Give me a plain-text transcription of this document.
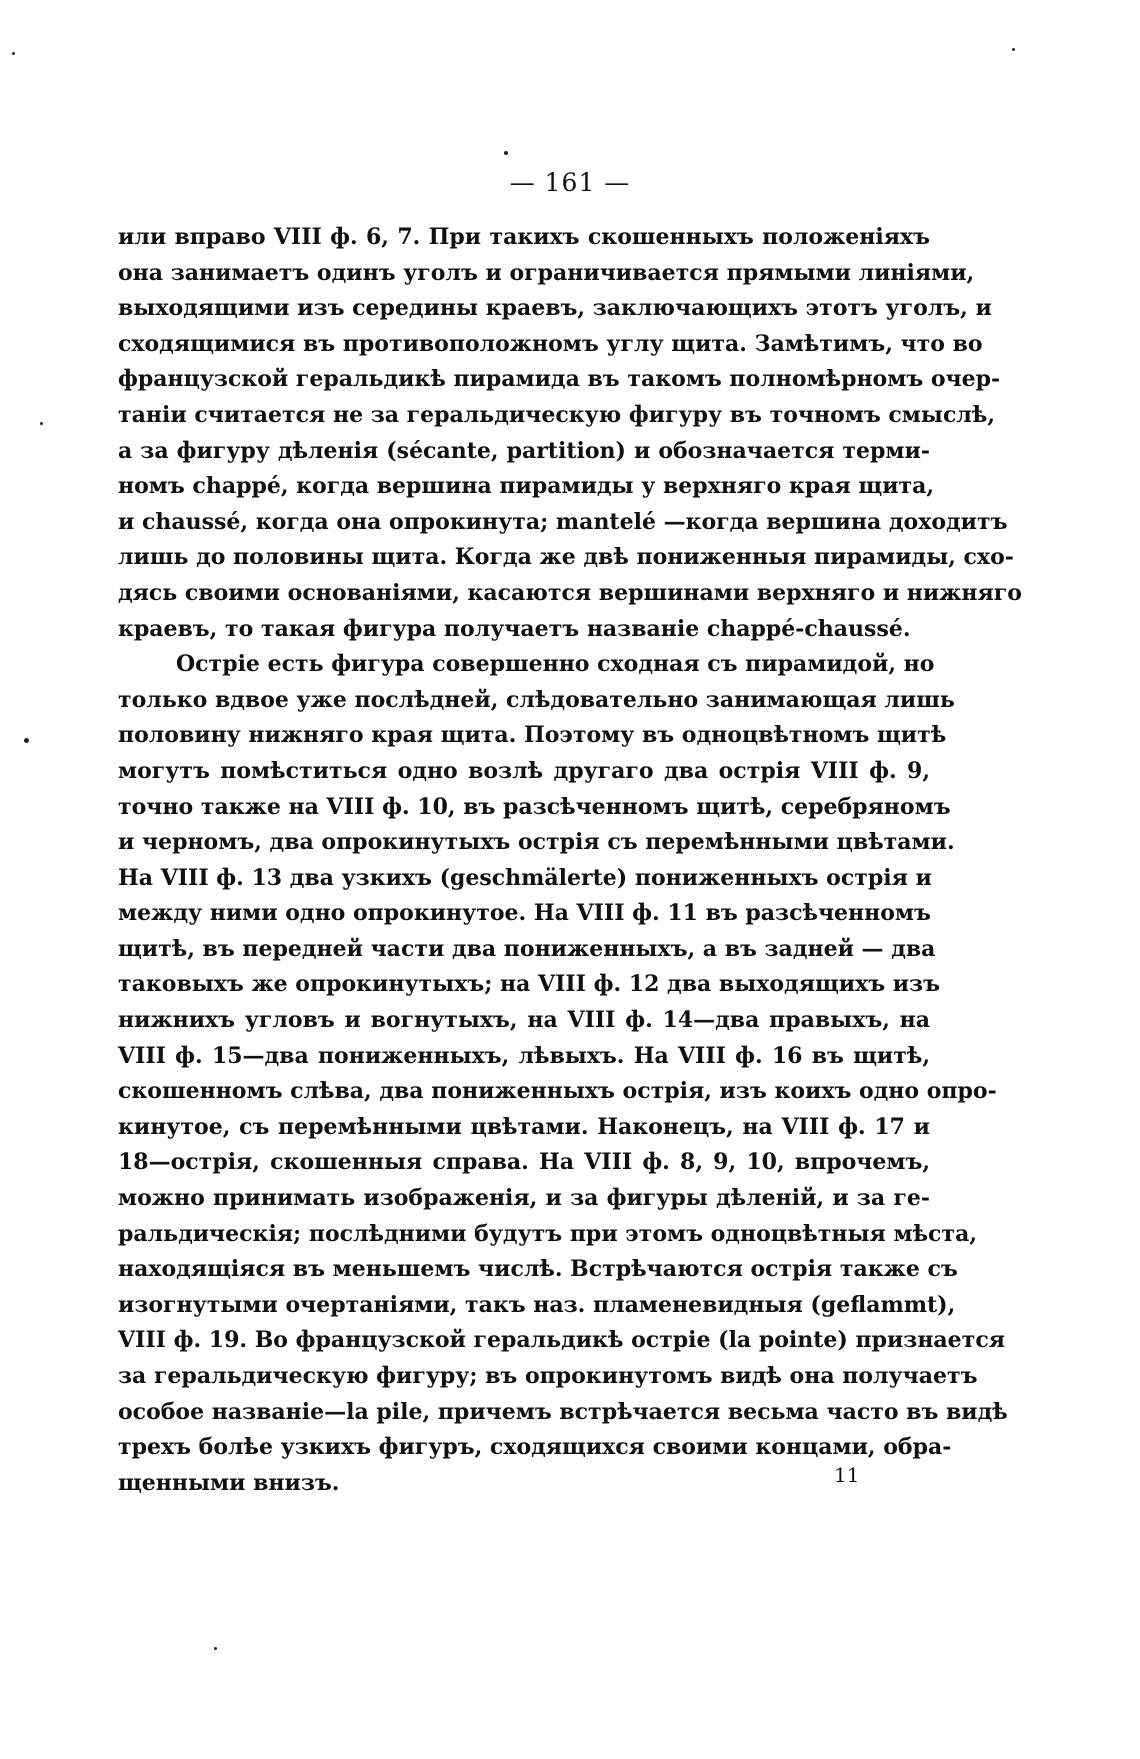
— 161 —
или вправо VIII ф. 6, 7. При такихъ скошенныхъ положеніяхъ
она занимаетъ одинъ уголъ и ограничивается прямыми линіями,
выходящими изъ середины краевъ, заключающихъ этотъ уголъ, и
сходящимися въ противоположномъ углу щита. Замѣтимъ, что во
французской геральдикѣ пирамида въ такомъ полномѣрномъ очер-
таніи считается не за геральдическую фигуру въ точномъ смыслѣ,
а за фигуру дѣленія (sécante, partition) и обозначается терми-
номъ chappé, когда вершина пирамиды у верхняго края щита,
и chaussé, когда она опрокинута; mantelé —когда вершина доходитъ
лишь до половины щита. Когда же двѣ пониженныя пирамиды, схо-
дясь своими основаніями, касаются вершинами верхняго и нижняго
краевъ, то такая фигура получаетъ названіе chappé-chaussé.
Остріе есть фигура совершенно сходная съ пирамидой, но
только вдвое уже послѣдней, слѣдовательно занимающая лишь
половину нижняго края щита. Поэтому въ одноцвѣтномъ щитѣ
могутъ помѣститься одно возлѣ другаго два острія VIII ф. 9,
точно также на VIII ф. 10, въ разсѣченномъ щитѣ, серебряномъ
и черномъ, два опрокинутыхъ острія съ перемѣнными цвѣтами.
На VIII ф. 13 два узкихъ (geschmälerte) пониженныхъ острія и
между ними одно опрокинутое. На VIII ф. 11 въ разсѣченномъ
щитѣ, въ передней части два пониженныхъ, а въ задней — два
таковыхъ же опрокинутыхъ; на VIII ф. 12 два выходящихъ изъ
нижнихъ угловъ и вогнутыхъ, на VIII ф. 14—два правыхъ, на
VIII ф. 15—два пониженныхъ, лѣвыхъ. На VIII ф. 16 въ щитѣ,
скошенномъ слѣва, два пониженныхъ острія, изъ коихъ одно опро-
кинутое, съ перемѣнными цвѣтами. Наконецъ, на VIII ф. 17 и
18—острія, скошенныя справа. На VIII ф. 8, 9, 10, впрочемъ,
можно принимать изображенія, и за фигуры дѣленій, и за ге-
ральдическія; послѣдними будутъ при этомъ одноцвѣтныя мѣста,
находящіяся въ меньшемъ числѣ. Встрѣчаются острія также съ
изогнутыми очертаніями, такъ наз. пламеневидныя (geflammt),
VIII ф. 19. Во французской геральдикѣ остріе (la pointe) признается
за геральдическую фигуру; въ опрокинутомъ видѣ она получаетъ
особое названіе—la pile, причемъ встрѣчается весьма часто въ видѣ
трехъ болѣе узкихъ фигуръ, сходящихся своими концами, обра-
щенными внизъ.	11
